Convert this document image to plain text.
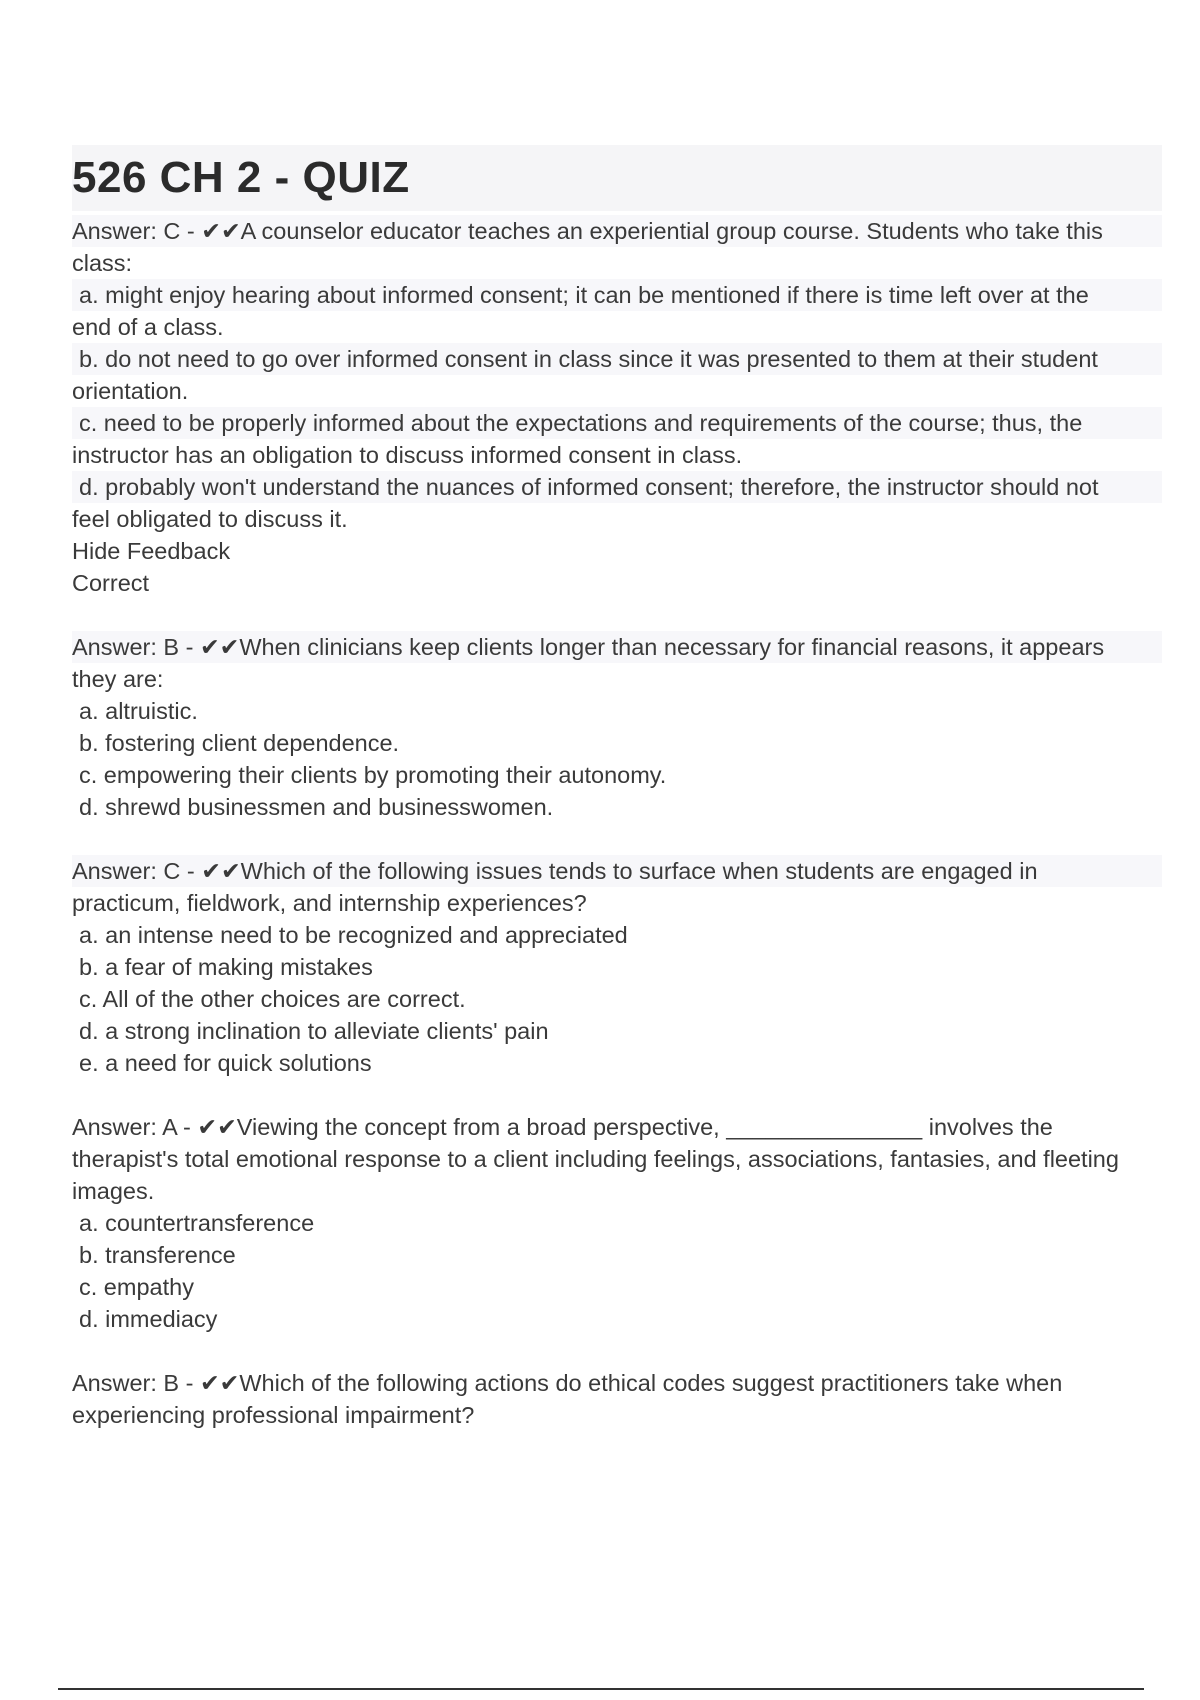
526 CH 2 - QUIZ
Answer: C - ✔✔A counselor educator teaches an experiential group course. Students who take this
class:
a. might enjoy hearing about informed consent; it can be mentioned if there is time left over at the
end of a class.
b. do not need to go over informed consent in class since it was presented to them at their student
orientation.
c. need to be properly informed about the expectations and requirements of the course; thus, the
instructor has an obligation to discuss informed consent in class.
d. probably won't understand the nuances of informed consent; therefore, the instructor should not
feel obligated to discuss it.
Hide Feedback
Correct
Answer: B - ✔✔When clinicians keep clients longer than necessary for financial reasons, it appears
they are:
a. altruistic.
b. fostering client dependence.
c. empowering their clients by promoting their autonomy.
d. shrewd businessmen and businesswomen.
Answer: C - ✔✔Which of the following issues tends to surface when students are engaged in
practicum, fieldwork, and internship experiences?
a. an intense need to be recognized and appreciated
b. a fear of making mistakes
c. All of the other choices are correct.
d. a strong inclination to alleviate clients' pain
e. a need for quick solutions
Answer: A - ✔✔Viewing the concept from a broad perspective, _______________ involves the
therapist's total emotional response to a client including feelings, associations, fantasies, and fleeting
images.
a. countertransference
b. transference
c. empathy
d. immediacy
Answer: B - ✔✔Which of the following actions do ethical codes suggest practitioners take when
experiencing professional impairment?
